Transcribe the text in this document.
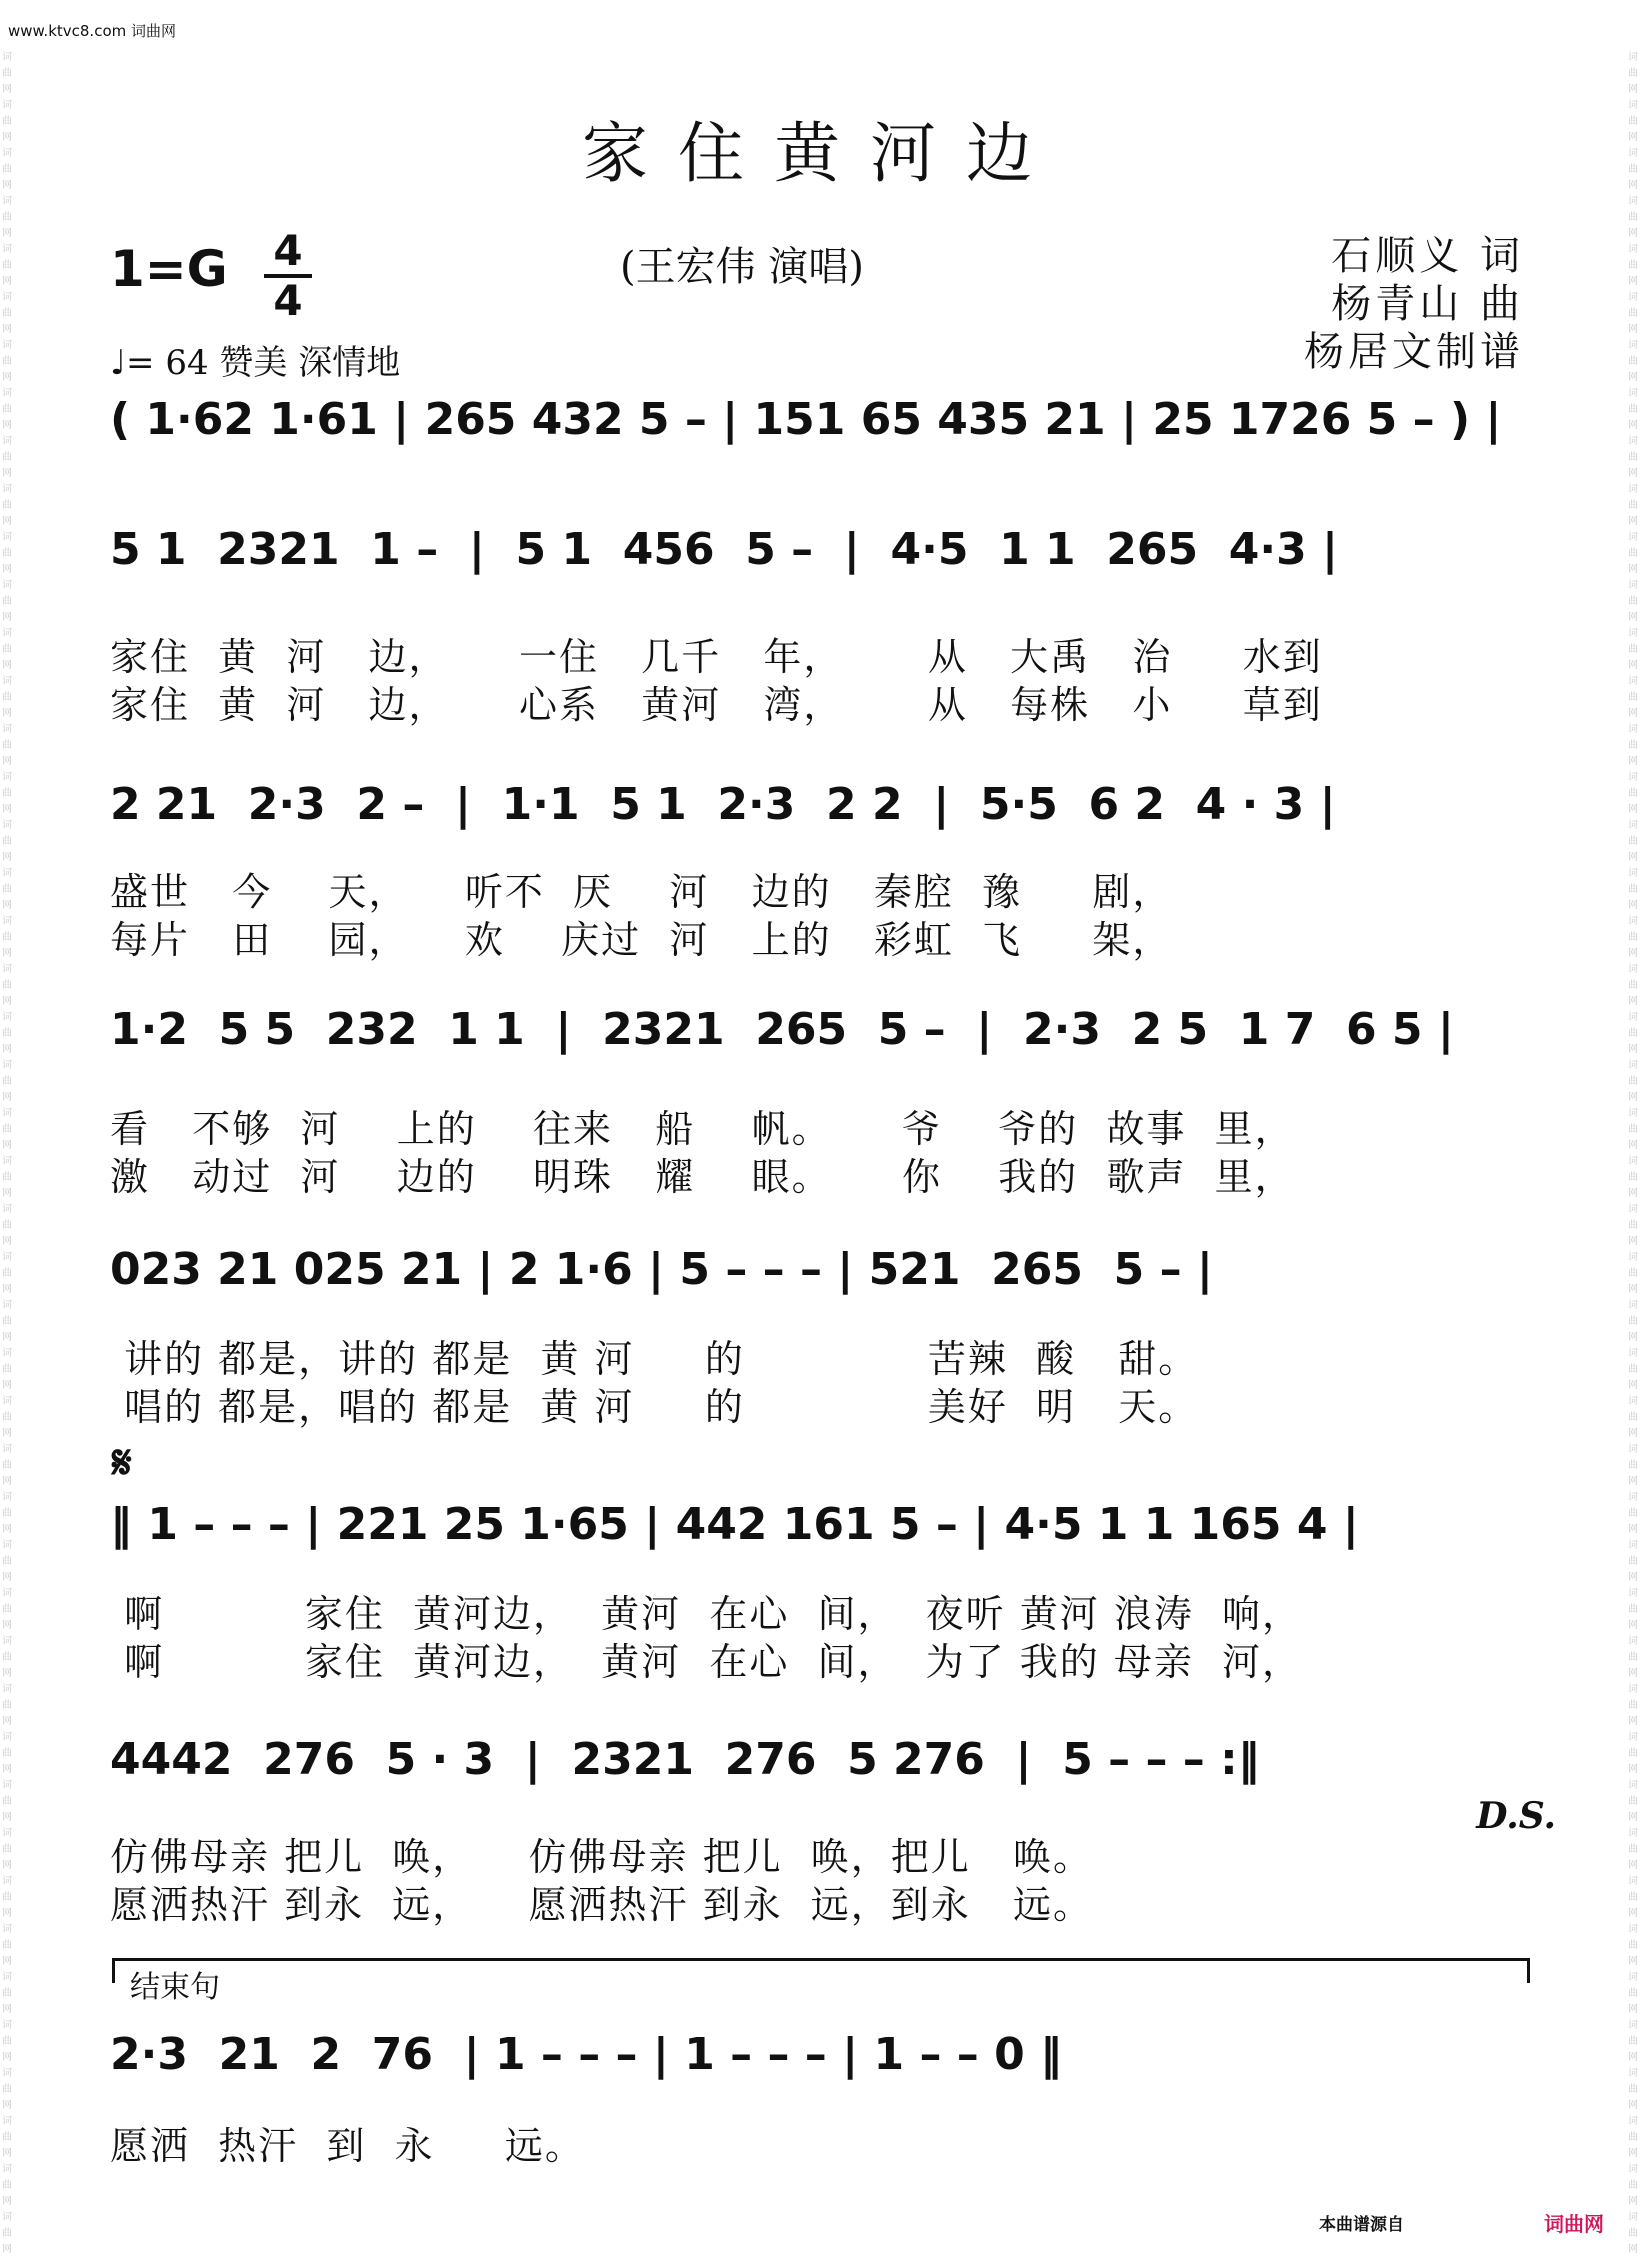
www.ktvc8.com 词曲网
词曲网词曲网词曲网词曲网词曲网词曲网词曲网词曲网词曲网词曲网词曲网词曲网词曲网词曲网词曲网词曲网词曲网词曲网词曲网词曲网词曲网词曲网词曲网词曲网词曲网词曲网词曲网词曲网词曲网词曲网词曲网词曲网词曲网词曲网词曲网词曲网词曲网词曲网词曲网词曲网词曲网词曲网词曲网词曲网词曲网词曲网
词曲网词曲网词曲网词曲网词曲网词曲网词曲网词曲网词曲网词曲网词曲网词曲网词曲网词曲网词曲网词曲网词曲网词曲网词曲网词曲网词曲网词曲网词曲网词曲网词曲网词曲网词曲网词曲网词曲网词曲网词曲网词曲网词曲网词曲网词曲网词曲网词曲网词曲网词曲网词曲网词曲网词曲网词曲网词曲网词曲网词曲网
家住黄河边
1=G 4
4
(王宏伟 演唱)
♩= 64 赞美 深情地
石顺义 词
杨青山 曲
杨居文制谱
( 1·62 1·61 | 265 432 5 – | 151 65 435 21 | 25 1726 5 – ) |
5 1  2321  1 –  |  5 1  456  5 –  |  4·5  1 1  265  4·3 |
家住  黄  河   边，     一住   几千   年，      从   大禹   治     水到
家住  黄  河   边，     心系   黄河   湾，      从   每株   小     草到
2 21  2·3  2 –  |  1·1  5 1  2·3  2 2  |  5·5  6 2  4 · 3 |
盛世   今    天，    听不  厌    河   边的   秦腔  豫     剧，
每片   田    园，    欢    庆过  河   上的   彩虹  飞     架，
1·2  5 5  232  1 1  |  2321  265  5 –  |  2·3  2 5  1 7  6 5 |
看   不够  河    上的    往来   船    帆。     爷    爷的  故事  里，
激   动过  河    边的    明珠   耀    眼。     你    我的  歌声  里，
023 21 025 21 | 2 1·6 | 5 – – – | 521  265  5 – |
讲的 都是，讲的 都是  黄 河     的             苦辣  酸   甜。
唱的 都是，唱的 都是  黄 河     的             美好  明   天。
𝄋
‖ 1 – – – | 221 25 1·65 | 442 161 5 – | 4·5 1 1 165 4 |
啊          家住  黄河边，  黄河  在心  间，  夜听 黄河 浪涛  响，
啊          家住  黄河边，  黄河  在心  间，  为了 我的 母亲  河，
4442  276  5 · 3  |  2321  276  5 276  |  5 – – – :‖
仿佛母亲 把儿  唤，    仿佛母亲 把儿  唤，把儿   唤。
愿洒热汗 到永  远，    愿洒热汗 到永  远，到永   远。
D.S.
结束句
2·3  21  2  76  | 1 – – – | 1 – – – | 1 – – 0 ‖
愿洒  热汗  到  永     远。
本曲谱源自	词曲网
